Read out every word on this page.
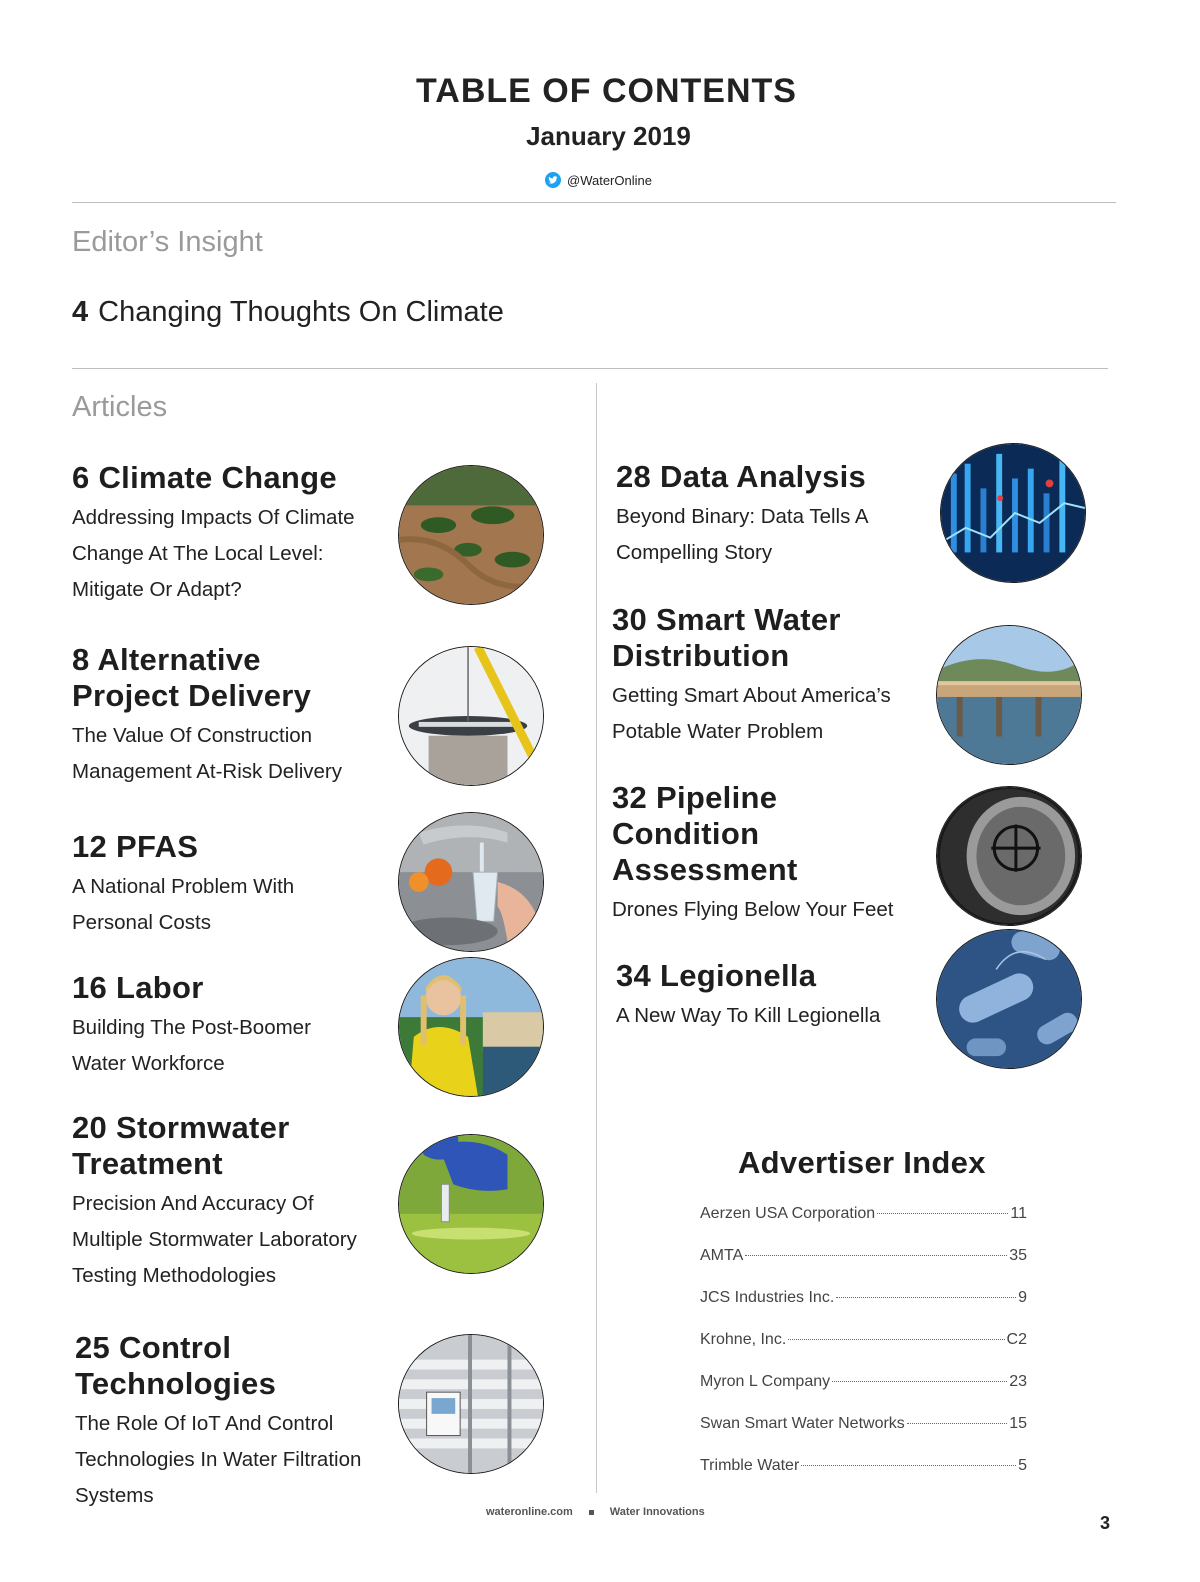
TABLE OF CONTENTS
January 2019
@WaterOnline
Editor’s Insight
4 Changing Thoughts On Climate
Articles
6 Climate Change
Addressing Impacts Of Climate
Change At The Local Level:
Mitigate Or Adapt?
8 Alternative
Project Delivery
The Value Of Construction
Management At-Risk Delivery
12 PFAS
A National Problem With
Personal Costs
16 Labor
Building The Post-Boomer
Water Workforce
20 Stormwater
Treatment
Precision And Accuracy Of
Multiple Stormwater Laboratory
Testing Methodologies
25 Control
Technologies
The Role Of IoT And Control
Technologies In Water Filtration
Systems
28 Data Analysis
Beyond Binary: Data Tells A
Compelling Story
30 Smart Water
Distribution
Getting Smart About America’s
Potable Water Problem
32 Pipeline
Condition
Assessment
Drones Flying Below Your Feet
34 Legionella
A New Way To Kill Legionella
Advertiser Index
Aerzen USA Corporation	11
AMTA	35
JCS Industries Inc.	9
Krohne, Inc.	C2
Myron L Company	23
Swan Smart Water Networks	15
Trimble Water	5
wateronline.com	Water Innovations
3
